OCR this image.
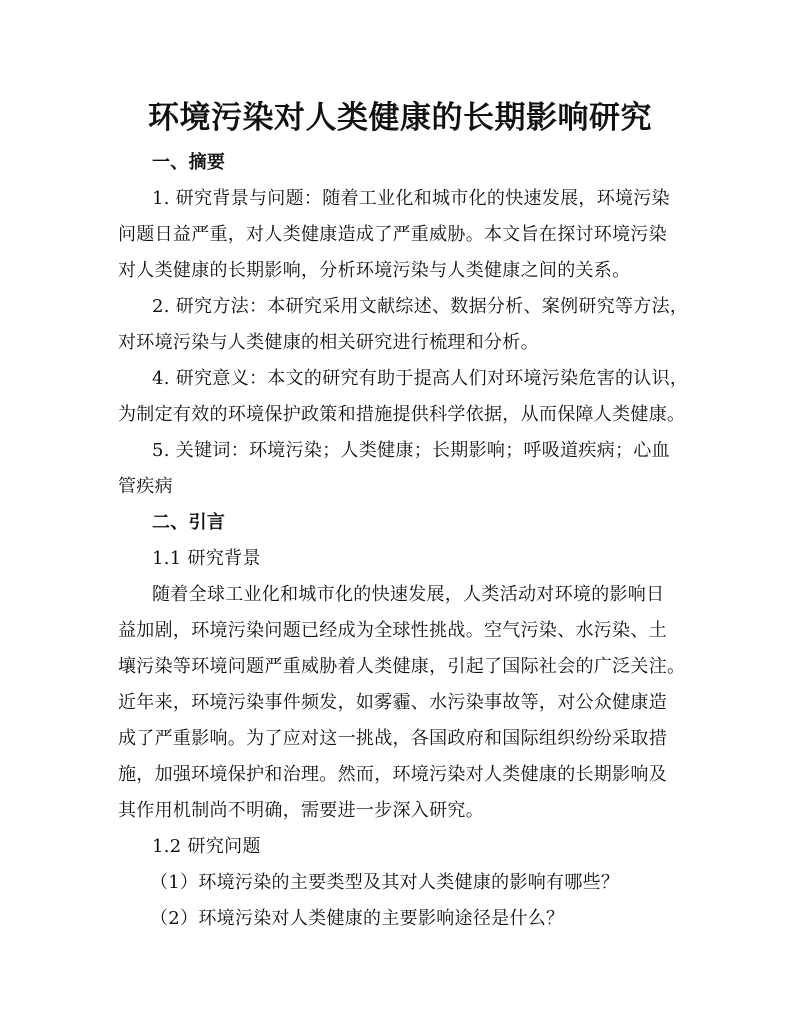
环境污染对人类健康的长期影响研究
一、摘要
1. 研究背景与问题：随着工业化和城市化的快速发展，环境污染
问题日益严重，对人类健康造成了严重威胁。本文旨在探讨环境污染
对人类健康的长期影响，分析环境污染与人类健康之间的关系。
2. 研究方法：本研究采用文献综述、数据分析、案例研究等方法，
对环境污染与人类健康的相关研究进行梳理和分析。
4. 研究意义：本文的研究有助于提高人们对环境污染危害的认识，
为制定有效的环境保护政策和措施提供科学依据，从而保障人类健康。
5. 关键词：环境污染；人类健康；长期影响；呼吸道疾病；心血
管疾病
二、引言
1.1 研究背景
随着全球工业化和城市化的快速发展，人类活动对环境的影响日
益加剧，环境污染问题已经成为全球性挑战。空气污染、水污染、土
壤污染等环境问题严重威胁着人类健康，引起了国际社会的广泛关注。
近年来，环境污染事件频发，如雾霾、水污染事故等，对公众健康造
成了严重影响。为了应对这一挑战，各国政府和国际组织纷纷采取措
施，加强环境保护和治理。然而，环境污染对人类健康的长期影响及
其作用机制尚不明确，需要进一步深入研究。
1.2 研究问题
（1）环境污染的主要类型及其对人类健康的影响有哪些？
（2）环境污染对人类健康的主要影响途径是什么？
